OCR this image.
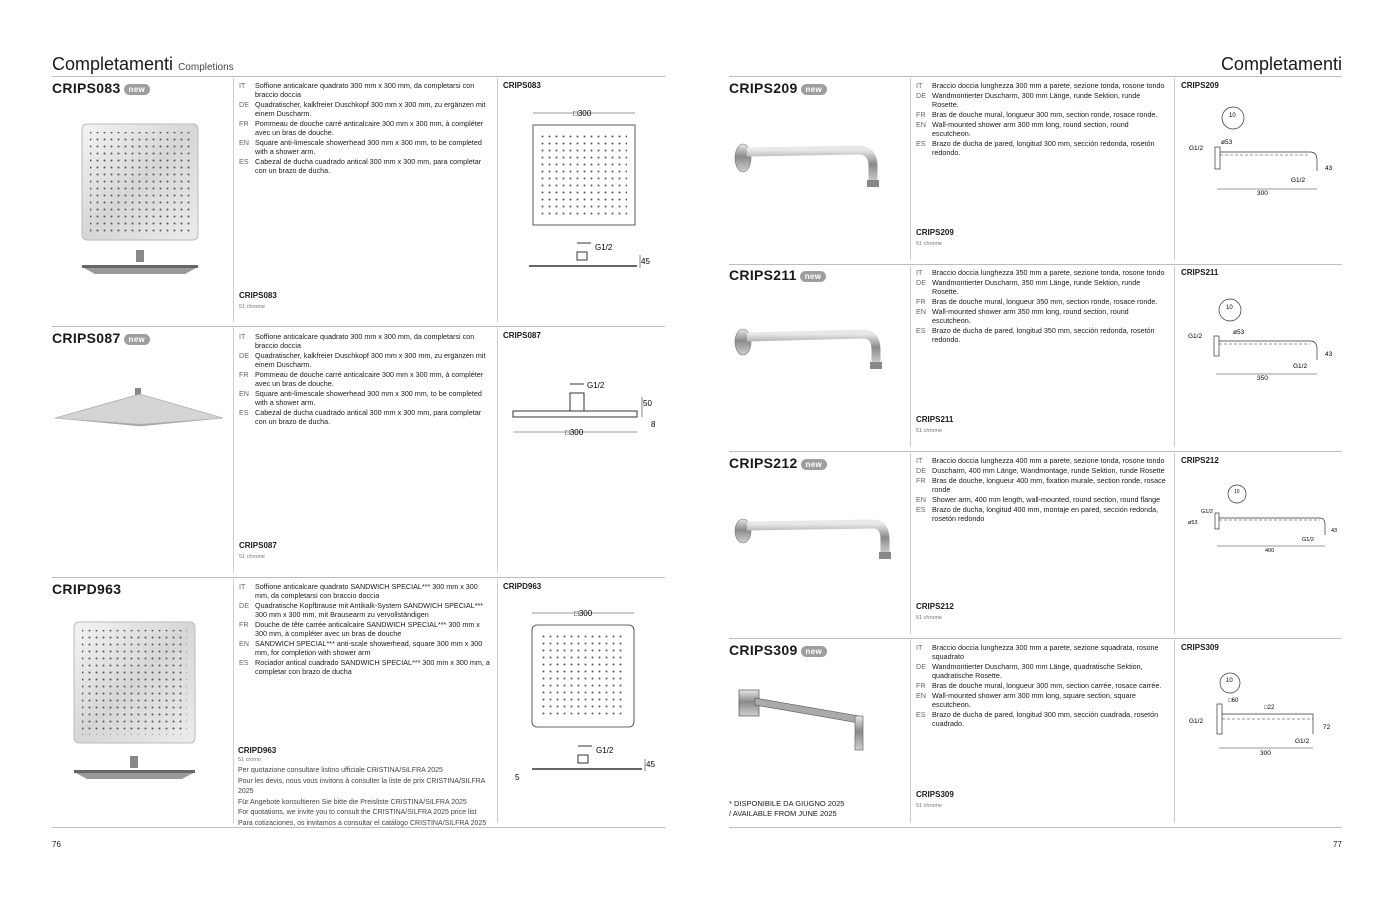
Completamenti Completions
CRIPS083 new	IT	Soffione anticalcare quadrato 300 mm x 300 mm, da completarsi con braccio doccia
DE Quadratischer, kalkfreier Duschkopf 300 mm x 300 mm, zu ergänzen mit einem Duscharm.
FR Pommeau de douche carré anticalcaire 300 mm x 300 mm, à compléter avec un bras de douche.
EN Square anti-limescale showerhead 300 mm x 300 mm, to be completed with a shower arm.
ES Cabezal de ducha cuadrado antical 300 mm x 300 mm, para completar con un brazo de ducha.
CRIPS083
51 chrome
CRIPS083
□300
G1/2
45
CRIPS087 new	IT	Soffione anticalcare quadrato 300 mm x 300 mm, da completarsi con braccio doccia
DE Quadratischer, kalkfreier Duschkopf 300 mm x 300 mm, zu ergänzen mit einem Duscharm.
FR Pommeau de douche carré anticalcaire 300 mm x 300 mm, à compléter avec un bras de douche.
EN Square anti-limescale showerhead 300 mm x 300 mm, to be completed with a shower arm.
ES Cabezal de ducha cuadrado antical 300 mm x 300 mm, para completar con un brazo de ducha.
CRIPS087
51 chrome
CRIPS087
G1/2
50
8
□300
CRIPD963	IT	Soffione anticalcare quadrato SANDWICH SPECIAL*** 300 mm x 300 mm, da completarsi con braccio doccia
DE Quadratische Kopfbrause mit Antikalk-System SANDWICH SPECIAL*** 300 mm x 300 mm, mit Brausearm zu vervollständigen
FR Douche de tête carrée anticalcaire SANDWICH SPECIAL*** 300 mm x 300 mm, à compléter avec un bras de douche
EN SANDWICH SPECIAL*** anti-scale showerhead, square 300 mm x 300 mm, for completion with shower arm
ES Rociador antical cuadrado SANDWICH SPECIAL*** 300 mm x 300 mm, a completar con brazo de ducha
CRIPD963
51 cromo
Per quotazione consultare listino ufficiale CRISTINA/SILFRA 2025
Pour les devis, nous vous invitons à consulter la liste de prix CRISTINA/SILFRA 2025
Für Angebote konsultieren Sie bitte die Preisliste CRISTINA/SILFRA 2025
For quotations, we invite you to consult the CRISTINA/SILFRA 2025 price list
Para cotizaciones, os invitamos a consultar el catálogo CRISTINA/SILFRA 2025
CRIPD963
□300
G1/2
45
5
76
Completamenti
CRIPS209 new	IT	Braccio doccia lunghezza 300 mm a parete, sezione tonda, rosone tondo
DE Wandmontierter Duscharm, 300 mm Länge, runde Sektion, runde Rosette.
FR Bras de douche mural, longueur 300 mm, section ronde, rosace ronde.
EN Wall-mounted shower arm 300 mm long, round section, round escutcheon.
ES Brazo de ducha de pared, longitud 300 mm, sección redonda, rosetón redondo.
CRIPS209
51 chrome
CRIPS209
10
ø53
G1/2
G1/2
43
300
CRIPS211 new	IT	Braccio doccia lunghezza 350 mm a parete, sezione tonda, rosone tondo
DE Wandmontierter Duscharm, 350 mm Länge, runde Sektion, runde Rosette.
FR Bras de douche mural, longueur 350 mm, section ronde, rosace ronde.
EN Wall-mounted shower arm 350 mm long, round section, round escutcheon.
ES Brazo de ducha de pared, longitud 350 mm, sección redonda, rosetón redondo.
CRIPS211
51 chrome
CRIPS211
10
ø53
G1/2
G1/2
43
350
CRIPS212 new	IT	Braccio doccia lunghezza 400 mm a parete, sezione tonda, rosone tondo
DE Duscharm, 400 mm Länge, Wandmontage, runde Sektion, runde Rosette
FR Bras de douche, longueur 400 mm, fixation murale, section ronde, rosace ronde
EN Shower arm, 400 mm length, wall-mounted, round section, round flange
ES Brazo de ducha, longitud 400 mm, montaje en pared, sección redonda, rosetón redondo
CRIPS212
51 chrome
CRIPS212
10
G1/2
ø53
43
G1/2
400
CRIPS309 new	IT	Braccio doccia lunghezza 300 mm a parete, sezione squadrata, rosone squadrato
DE Wandmontierter Duscharm, 300 mm Länge, quadratische Sektion, quadratische Rosette.
FR Bras de douche mural, longueur 300 mm, section carrée, rosace carrée.
EN Wall-mounted shower arm 300 mm long, square section, square escutcheon.
ES Brazo de ducha de pared, longitud 300 mm, sección cuadrada, rosetón cuadrado.
CRIPS309
51 chrome
CRIPS309
10
□60
□22
G1/2
G1/2
72
300
* DISPONIBILE DA GIUGNO 2025
/ AVAILABLE FROM JUNE 2025
77
